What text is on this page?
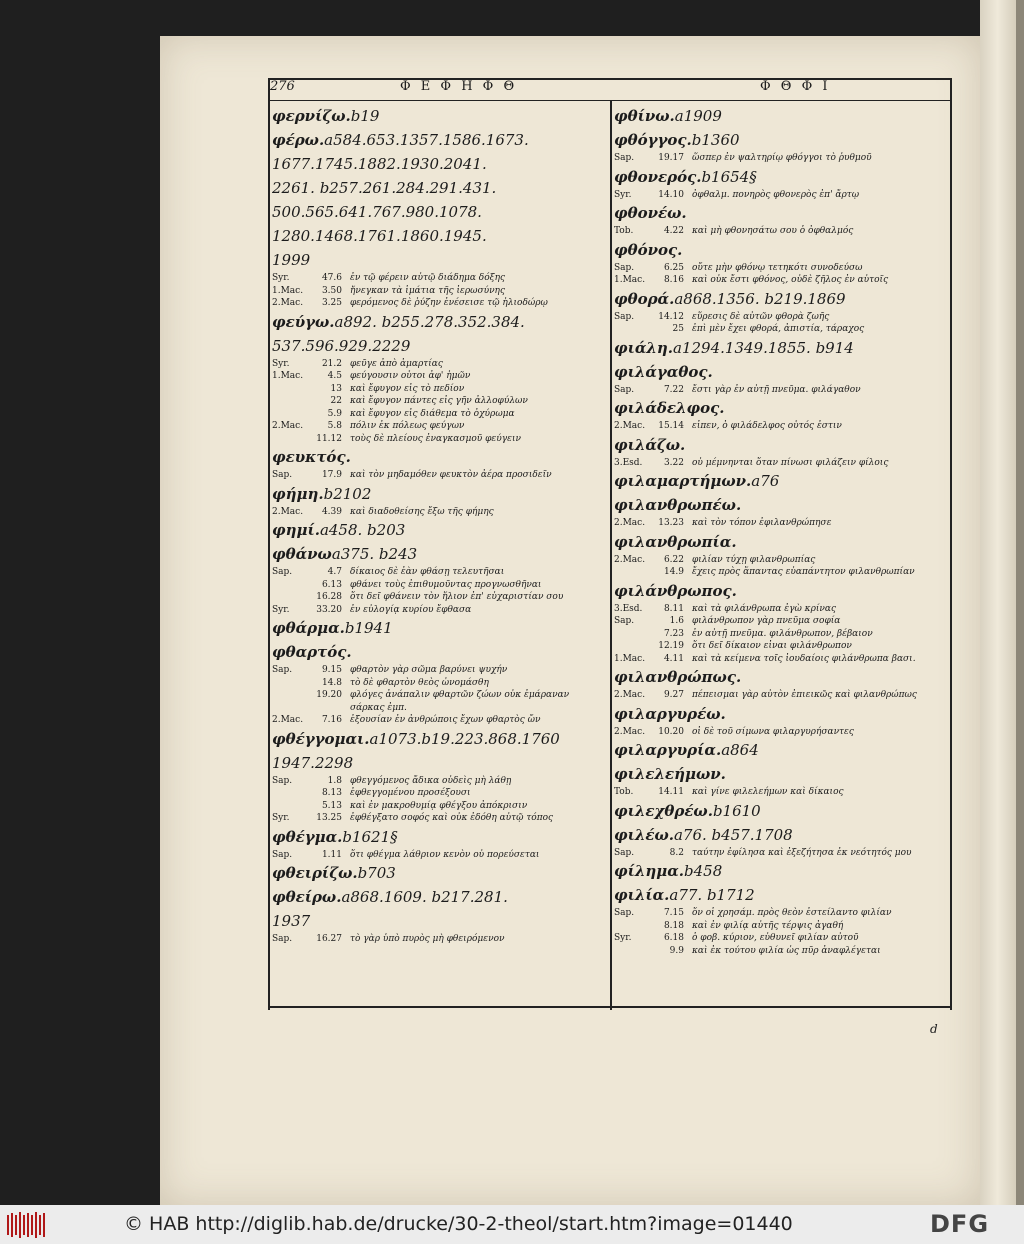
276	Φ Ε Φ Η Φ Θ	Φ Θ Φ Ι
φερνίζω.b19
φέρω.a584.653.1357.1586.1673.
1677.1745.1882.1930.2041.
2261. b257.261.284.291.431.
500.565.641.767.980.1078.
1280.1468.1761.1860.1945.
1999
Syr.	47.6 ἐν τῷ φέρειν αὐτῷ διάδημα δόξης
1.Mac. 3.50 ἤνεγκαν τὰ ἱμάτια τῆς ἱερωσύνης
2.Mac. 3.25 φερόμενος δὲ ῥύζην ἐνέσεισε τῷ ἡλιοδώρῳ
φεύγω.a892. b255.278.352.384.
537.596.929.2229
Syr.	21.2 φεῦγε ἀπὸ ἁμαρτίας
1.Mac.	4.5 φεύγουσιν οὗτοι ἀφ' ἡμῶν
13 καὶ ἔφυγον εἰς τὸ πεδίον
22 καὶ ἔφυγον πάντες εἰς γῆν ἀλλοφύλων
5.9 καὶ ἔφυγον εἰς διάθεμα τὸ ὀχύρωμα
2.Mac.	5.8 πόλιν ἐκ πόλεως φεύγων
11.12 τοὺς δὲ πλείους ἐναγκασμοῦ φεύγειν
φευκτός.
Sap.	17.9 καὶ τὸν μηδαμόθεν φευκτὸν ἀέρα προσιδεῖν
φήμη.b2102
2.Mac. 4.39 καὶ διαδοθείσης ἔξω τῆς φήμης
φημί.a458. b203
φθάνωa375. b243
Sap.	4.7 δίκαιος δὲ ἐὰν φθάσῃ τελευτῆσαι
6.13 φθάνει τοὺς ἐπιθυμοῦντας προγνωσθῆναι
16.28 ὅτι δεῖ φθάνειν τὸν ἥλιον ἐπ' εὐχαριστίαν σου
Syr.	33.20 ἐν εὐλογίᾳ κυρίου ἔφθασα
φθάρμα.b1941
φθαρτός.
Sap.	9.15 φθαρτὸν γὰρ σῶμα βαρύνει ψυχήν
14.8 τὸ δὲ φθαρτὸν θεὸς ὠνομάσθη
19.20 φλόγες ἀνάπαλιν φθαρτῶν ζώων οὐκ ἐμάραναν
σάρκας ἐμπ.
2.Mac. 7.16 ἐξουσίαν ἐν ἀνθρώποις ἔχων φθαρτὸς ὤν
φθέγγομαι.a1073.b19.223.868.1760
1947.2298
Sap.	1.8 φθεγγόμενος ἄδικα οὐδεὶς μὴ λάθῃ
8.13 ἐφθεγγομένου προσέξουσι
5.13 καὶ ἐν μακροθυμίᾳ φθέγξου ἀπόκρισιν
Syr.	13.25 ἐφθέγξατο σοφός καὶ οὐκ ἐδόθη αὐτῷ τόπος
φθέγμα.b1621§
Sap.	1.11 ὅτι φθέγμα λάθριον κενὸν οὐ πορεύσεται
φθειρίζω.b703
φθείρω.a868.1609. b217.281.
1937
Sap.	16.27 τὸ γὰρ ὑπὸ πυρὸς μὴ φθειρόμενον
φθίνω.a1909
φθόγγος.b1360
Sap.	19.17 ὥσπερ ἐν ψαλτηρίῳ φθόγγοι τὸ ῥυθμοῦ
φθονερός.b1654§
Syr.	14.10 ὀφθαλμ. πονηρὸς φθονερὸς ἐπ' ἄρτῳ
φθονέω.
Tob.	4.22 καὶ μὴ φθονησάτω σου ὁ ὀφθαλμός
φθόνος.
Sap.	6.25 οὔτε μὴν φθόνῳ τετηκότι συνοδεύσω
1.Mac. 8.16 καὶ οὐκ ἔστι φθόνος, οὐδὲ ζῆλος ἐν αὐτοῖς
φθορά.a868.1356. b219.1869
Sap.	14.12 εὕρεσις δὲ αὐτῶν φθορὰ ζωῆς
25 ἐπὶ μὲν ἔχει φθορά, ἀπιστία, τάραχος
φιάλη.a1294.1349.1855. b914
φιλάγαθος.
Sap.	7.22 ἔστι γὰρ ἐν αὐτῇ πνεῦμα. φιλάγαθον
φιλάδελφος.
2.Mac. 15.14 εἶπεν, ὁ φιλάδελφος οὗτός ἐστιν
φιλάζω.
3.Esd. 3.22 οὐ μέμνηνται ὅταν πίνωσι φιλάζειν φίλοις
φιλαμαρτήμων.a76
φιλανθρωπέω.
2.Mac. 13.23 καὶ τὸν τόπον ἐφιλανθρώπησε
φιλανθρωπία.
2.Mac. 6.22 φιλίαν τύχῃ φιλανθρωπίας
14.9 ἔχεις πρὸς ἅπαντας εὐαπάντητον φιλανθρωπίαν
φιλάνθρωπος.
3.Esd. 8.11 καὶ τὰ φιλάνθρωπα ἐγὼ κρίνας
Sap.	1.6 φιλάνθρωπον γὰρ πνεῦμα σοφία
7.23 ἐν αὐτῇ πνεῦμα. φιλάνθρωπον, βέβαιον
12.19 ὅτι δεῖ δίκαιον εἶναι φιλάνθρωπον
1.Mac. 4.11 καὶ τὰ κείμενα τοῖς ἰουδαίοις φιλάνθρωπα βασι.
φιλανθρώπως.
2.Mac. 9.27 πέπεισμαι γὰρ αὐτὸν ἐπιεικῶς καὶ φιλανθρώπως
φιλαργυρέω.
2.Mac. 10.20 οἱ δὲ τοῦ σίμωνα φιλαργυρήσαντες
φιλαργυρία.a864
φιλελεήμων.
Tob.	14.11 καὶ γίνε φιλελεήμων καὶ δίκαιος
φιλεχθρέω.b1610
φιλέω.a76. b457.1708
Sap.	8.2 ταύτην ἐφίλησα καὶ ἐξεζήτησα ἐκ νεότητός μου
φίλημα.b458
φιλία.a77. b1712
Sap.	7.15 ὅν οἱ χρησάμ. πρὸς θεὸν ἐστείλαντο φιλίαν
8.18 καὶ ἐν φιλίᾳ αὐτῆς τέρψις ἀγαθή
Syr.	6.18 ὁ φοβ. κύριον, εὐθυνεῖ φιλίαν αὐτοῦ
9.9 καὶ ἐκ τούτου φιλία ὡς πῦρ ἀναφλέγεται
d
© HAB http://diglib.hab.de/drucke/30-2-theol/start.htm?image=01440	DFG
